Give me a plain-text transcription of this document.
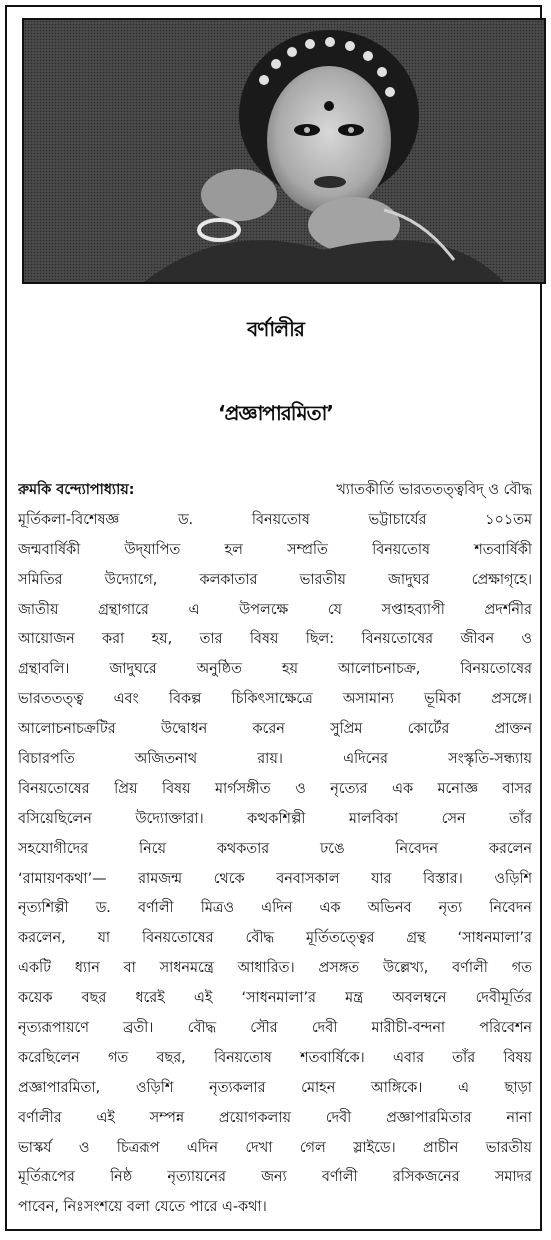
বর্ণালীর
‘প্রজ্ঞাপারমিতা’
রুমকি বন্দ্যোপাধ্যায়:	খ্যাতকীর্তি ভারততত্ত্ববিদ্ ও বৌদ্ধ
মূর্তিকলা-বিশেষজ্ঞ	ড.	বিনয়তোষ	ভট্টাচার্যের	১০১তম
জন্মবার্ষিকী	উদ্‌যাপিত	হল	সম্প্রতি	বিনয়তোষ	শতবার্ষিকী
সমিতির	উদ্যোগে,	কলকাতার	ভারতীয়	জাদুঘর	প্রেক্ষাগৃহে।
জাতীয়	গ্রন্থাগারে	এ	উপলক্ষে	যে	সপ্তাহব্যাপী	প্রদর্শনীর
আয়োজন করা হয়, তার বিষয় ছিল: বিনয়তোষের জীবন ও
গ্রন্থাবলি।	জাদুঘরে	অনুষ্ঠিত	হয়	আলোচনাচক্র,	বিনয়তোষের
ভারততত্ত্ব এবং বিকল্প চিকিৎসাক্ষেত্রে অসামান্য ভূমিকা প্রসঙ্গে।
আলোচনাচক্রটির	উদ্বোধন	করেন	সুপ্রিম	কোর্টের	প্রাক্তন
বিচারপতি	অজিতনাথ	রায়।	এদিনের	সংস্কৃতি-সন্ধ্যায়
বিনয়তোষের প্রিয় বিষয় মার্গসঙ্গীত ও নৃত্যের এক মনোজ্ঞ বাসর
বসিয়েছিলেন	উদ্যোক্তারা।	কত্থকশিল্পী	মালবিকা	সেন	তাঁর
সহযোগীদের	নিয়ে	কথকতার	ঢঙে	নিবেদন	করলেন
‘রামায়ণকথা’— রামজন্ম থেকে বনবাসকাল যার বিস্তার। ওড়িশি
নৃত্যশিল্পী ড. বর্ণালী মিত্রও এদিন এক অভিনব নৃত্য নিবেদন
করলেন, যা বিনয়তোষের বৌদ্ধ মূর্তিতত্ত্বের গ্রন্থ ‘সাধনমালা’র
একটি ধ্যান বা সাধনমন্ত্রে আধারিত। প্রসঙ্গত উল্লেখ্য, বর্ণালী গত
কয়েক বছর ধরেই এই ‘সাধনমালা’র মন্ত্র অবলম্বনে দেবীমূর্তির
নৃত্যরূপায়ণে ব্রতী। বৌদ্ধ সৌর দেবী মারীচী-বন্দনা পরিবেশন
করেছিলেন গত বছর, বিনয়তোষ শতবার্ষিকে। এবার তাঁর বিষয়
প্রজ্ঞাপারমিতা, ওড়িশি নৃত্যকলার মোহন আঙ্গিকে। এ ছাড়া
বর্ণালীর এই সম্পন্ন প্রয়োগকলায় দেবী প্রজ্ঞাপারমিতার নানা
ভাস্কর্য ও চিত্ররূপ এদিন দেখা গেল স্লাইডে। প্রাচীন ভারতীয়
মূর্তিরূপের নিষ্ঠ নৃত্যায়নের জন্য বর্ণালী রসিকজনের সমাদর
পাবেন, নিঃসংশয়ে বলা যেতে পারে এ-কথা।
